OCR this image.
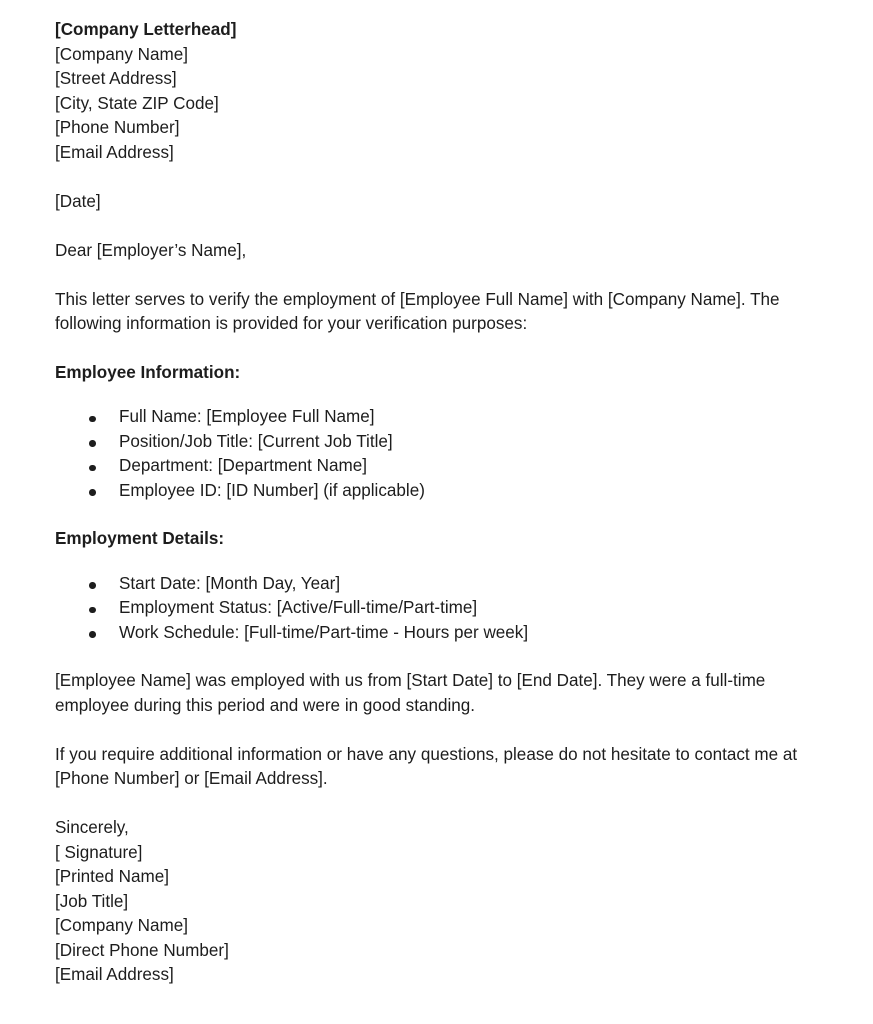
[Company Letterhead]
[Company Name]
[Street Address]
[City, State ZIP Code]
[Phone Number]
[Email Address]
[Date]
Dear [Employer’s Name],

This letter serves to verify the employment of [Employee Full Name] with [Company Name]. The following information is provided for your verification purposes:

Employee Information:
Full Name: [Employee Full Name]
Position/Job Title: [Current Job Title]
Department: [Department Name]
Employee ID: [ID Number] (if applicable)
Employment Details:
Start Date: [Month Day, Year]
Employment Status: [Active/Full-time/Part-time]
Work Schedule: [Full-time/Part-time - Hours per week]

[Employee Name] was employed with us from [Start Date] to [End Date]. They were a full-time employee during this period and were in good standing.

If you require additional information or have any questions, please do not hesitate to contact me at [Phone Number] or [Email Address].

Sincerely,
[ Signature]
[Printed Name]
[Job Title]
[Company Name]
[Direct Phone Number]
[Email Address]
